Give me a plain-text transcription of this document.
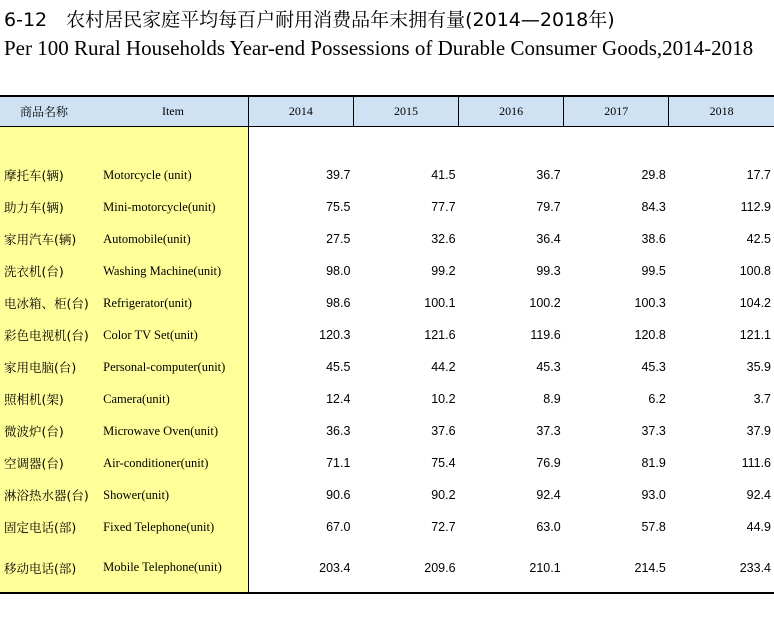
6-12　农村居民家庭平均每百户耐用消费品年末拥有量(2014—2018年)
Per 100 Rural Households Year-end Possessions of Durable Consumer Goods,2014-2018
商品名称	Item	2014	2015	2016	2017	2018

摩托车(辆)	Motorcycle (unit)	39.7	41.5	36.7	29.8	17.7
助力车(辆)	Mini-motorcycle(unit)	75.5	77.7	79.7	84.3	112.9
家用汽车(辆)	Automobile(unit)	27.5	32.6	36.4	38.6	42.5
洗衣机(台)	Washing Machine(unit)	98.0	99.2	99.3	99.5	100.8
电冰箱、柜(台)	Refrigerator(unit)	98.6	100.1	100.2	100.3	104.2
彩色电视机(台)	Color TV Set(unit)	120.3	121.6	119.6	120.8	121.1
家用电脑(台)	Personal-computer(unit)	45.5	44.2	45.3	45.3	35.9
照相机(架)	Camera(unit)	12.4	10.2	8.9	6.2	3.7
微波炉(台)	Microwave Oven(unit)	36.3	37.6	37.3	37.3	37.9
空调器(台)	Air-conditioner(unit)	71.1	75.4	76.9	81.9	111.6
淋浴热水器(台)	Shower(unit)	90.6	90.2	92.4	93.0	92.4
固定电话(部)	Fixed Telephone(unit)	67.0	72.7	63.0	57.8	44.9
移动电话(部)	Mobile Telephone(unit)	203.4	209.6	210.1	214.5	233.4
